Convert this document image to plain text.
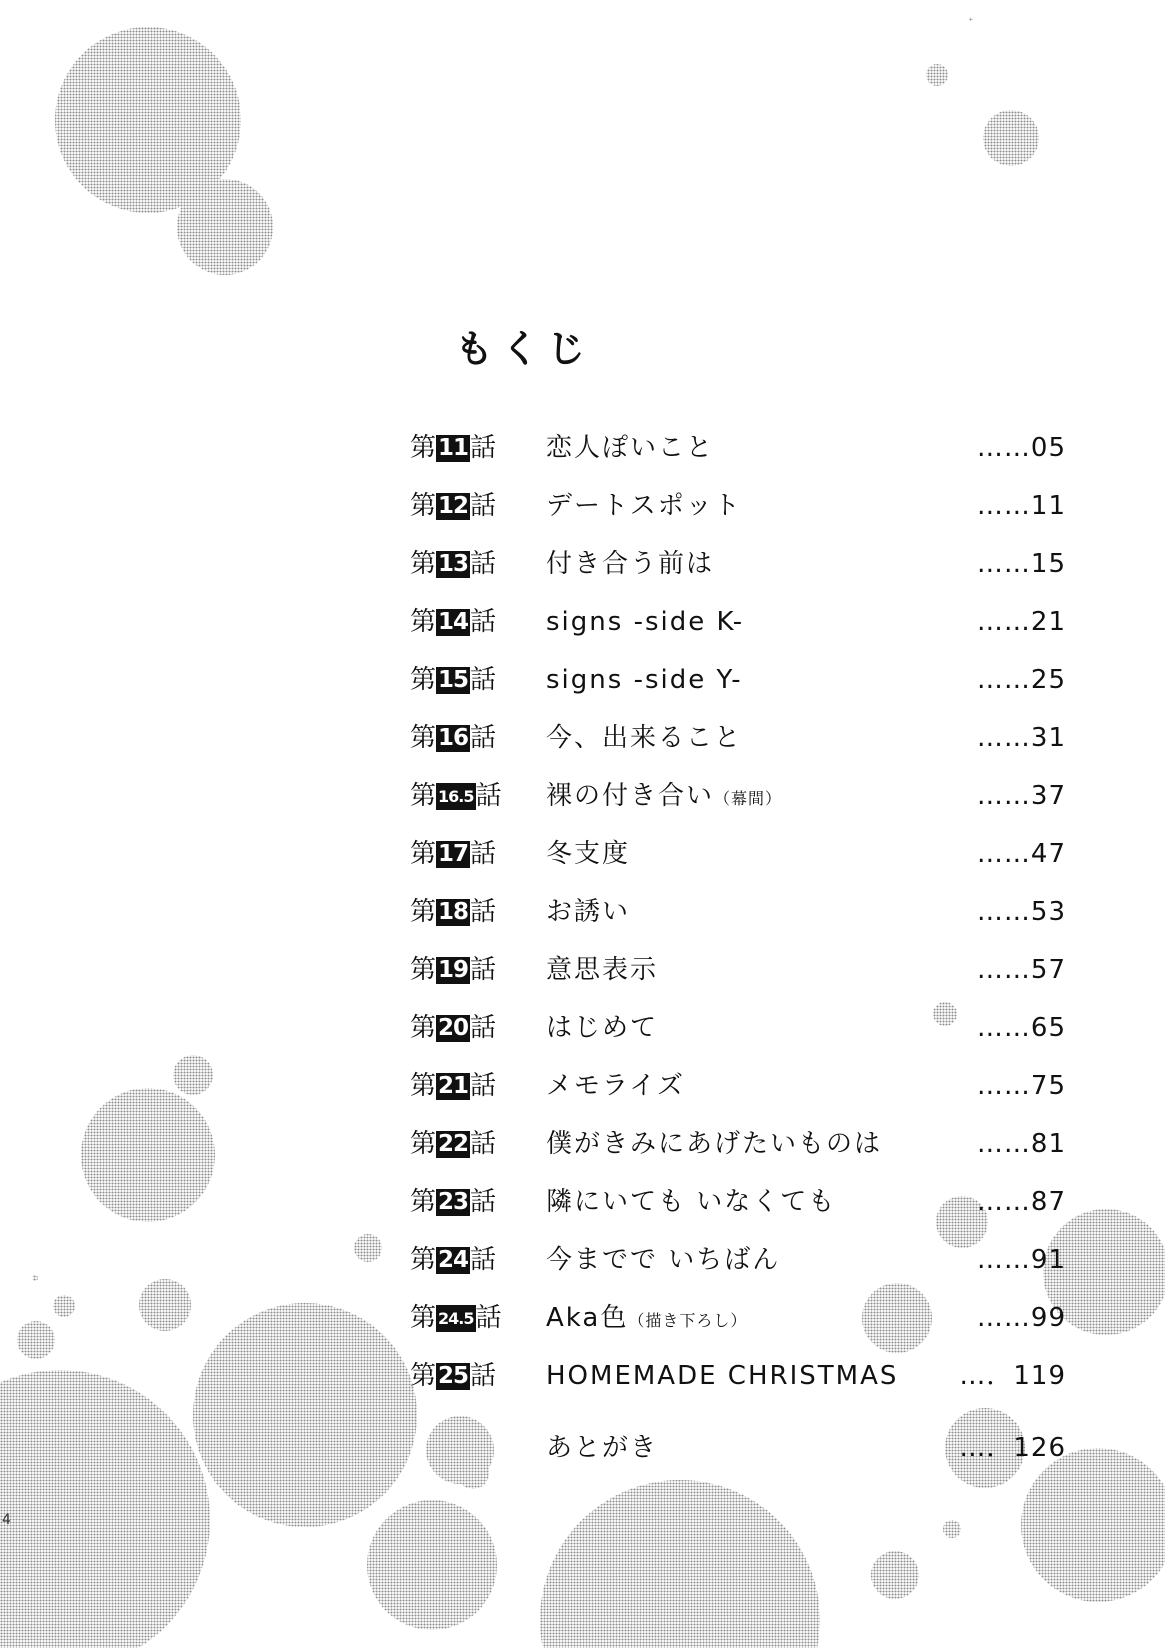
もくじ
第11話 恋人ぽいこと	……05
第12話 デートスポット	……11
第13話 付き合う前は	……15
第14話 signs -side K-	……21
第15話 signs -side Y-	……25
第16話 今、出来ること	……31
第 16.5話 裸の付き合い（幕間）	……37
第17話 冬支度	……47
第18話 お誘い	……53
第19話 意思表示	……57
第20話 はじめて	……65
第21話 メモライズ	……75
第22話 僕がきみにあげたいものは	……81
第23話 隣にいても いなくても	……87
第24話 今までで いちばん	……91
第 24.5話 Aka色（描き下ろし）	……99
第25話 HOMEMADE CHRISTMAS …．119
あとがき	…．126
4
